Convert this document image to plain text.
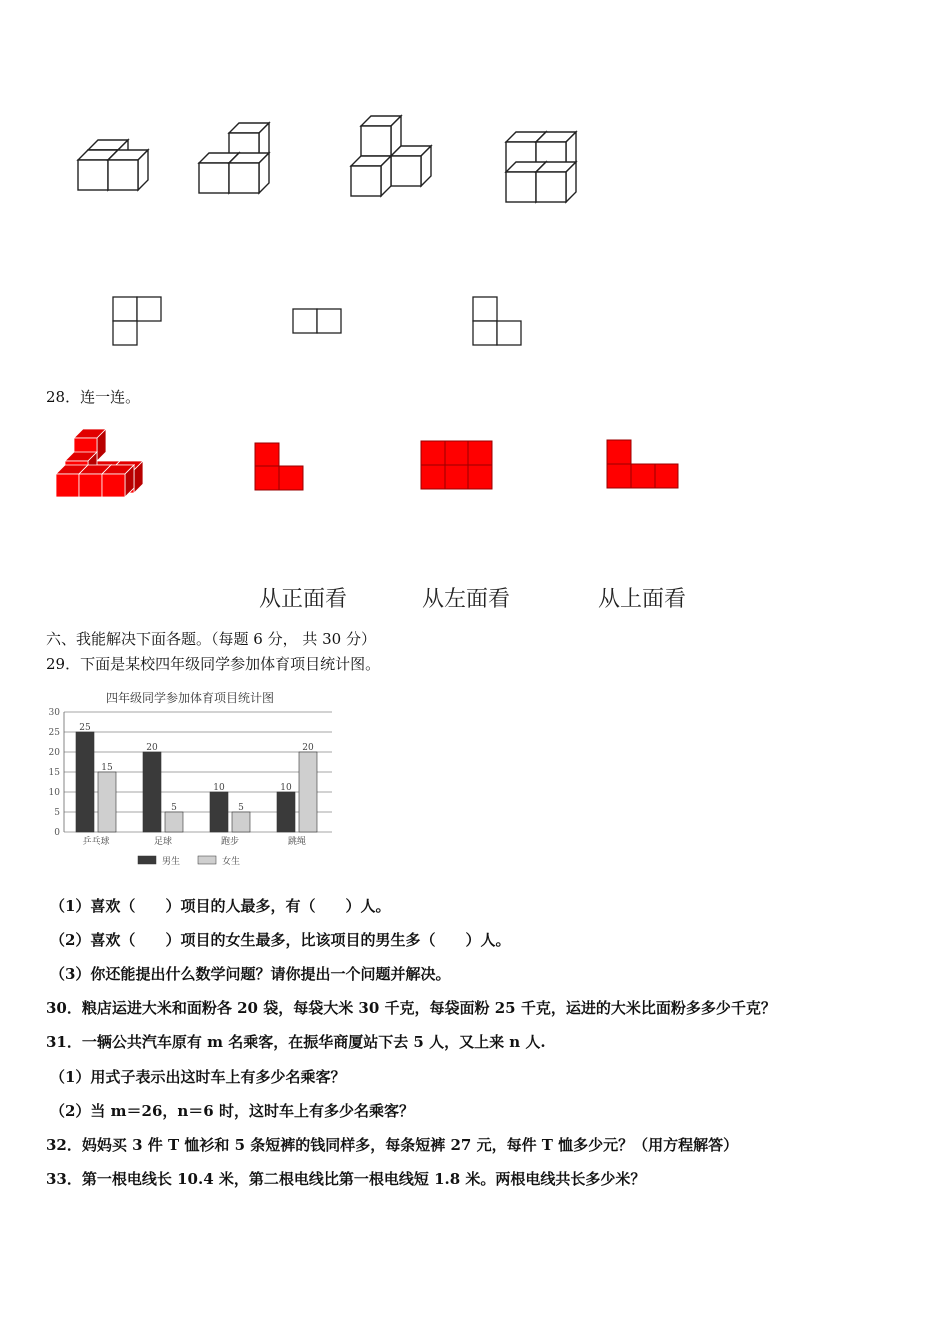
28．连一连。
从正面看	从左面看	从上面看
六、我能解决下面各题。（每题 6 分， 共 30 分）
29．下面是某校四年级同学参加体育项目统计图。
四年级同学参加体育项目统计图
0
5
10
15
20
25
30
25
15
乒乓球
20
5
足球
10
5
跑步
10
20
跳绳
男生	女生
（1）喜欢（　　）项目的人最多，有（　　）人。
（2）喜欢（　　）项目的女生最多，比该项目的男生多（　　）人。
（3）你还能提出什么数学问题？请你提出一个问题并解决。
30．粮店运进大米和面粉各 20 袋，每袋大米 30 千克，每袋面粉 25 千克，运进的大米比面粉多多少千克？
31．一辆公共汽车原有 m 名乘客，在振华商厦站下去 5 人，又上来 n 人.
（1）用式子表示出这时车上有多少名乘客？
（2）当 m＝26，n＝6 时，这时车上有多少名乘客？
32．妈妈买 3 件 T 恤衫和 5 条短裤的钱同样多，每条短裤 27 元，每件 T 恤多少元？（用方程解答）
33．第一根电线长 10.4 米，第二根电线比第一根电线短 1.8 米。两根电线共长多少米？
